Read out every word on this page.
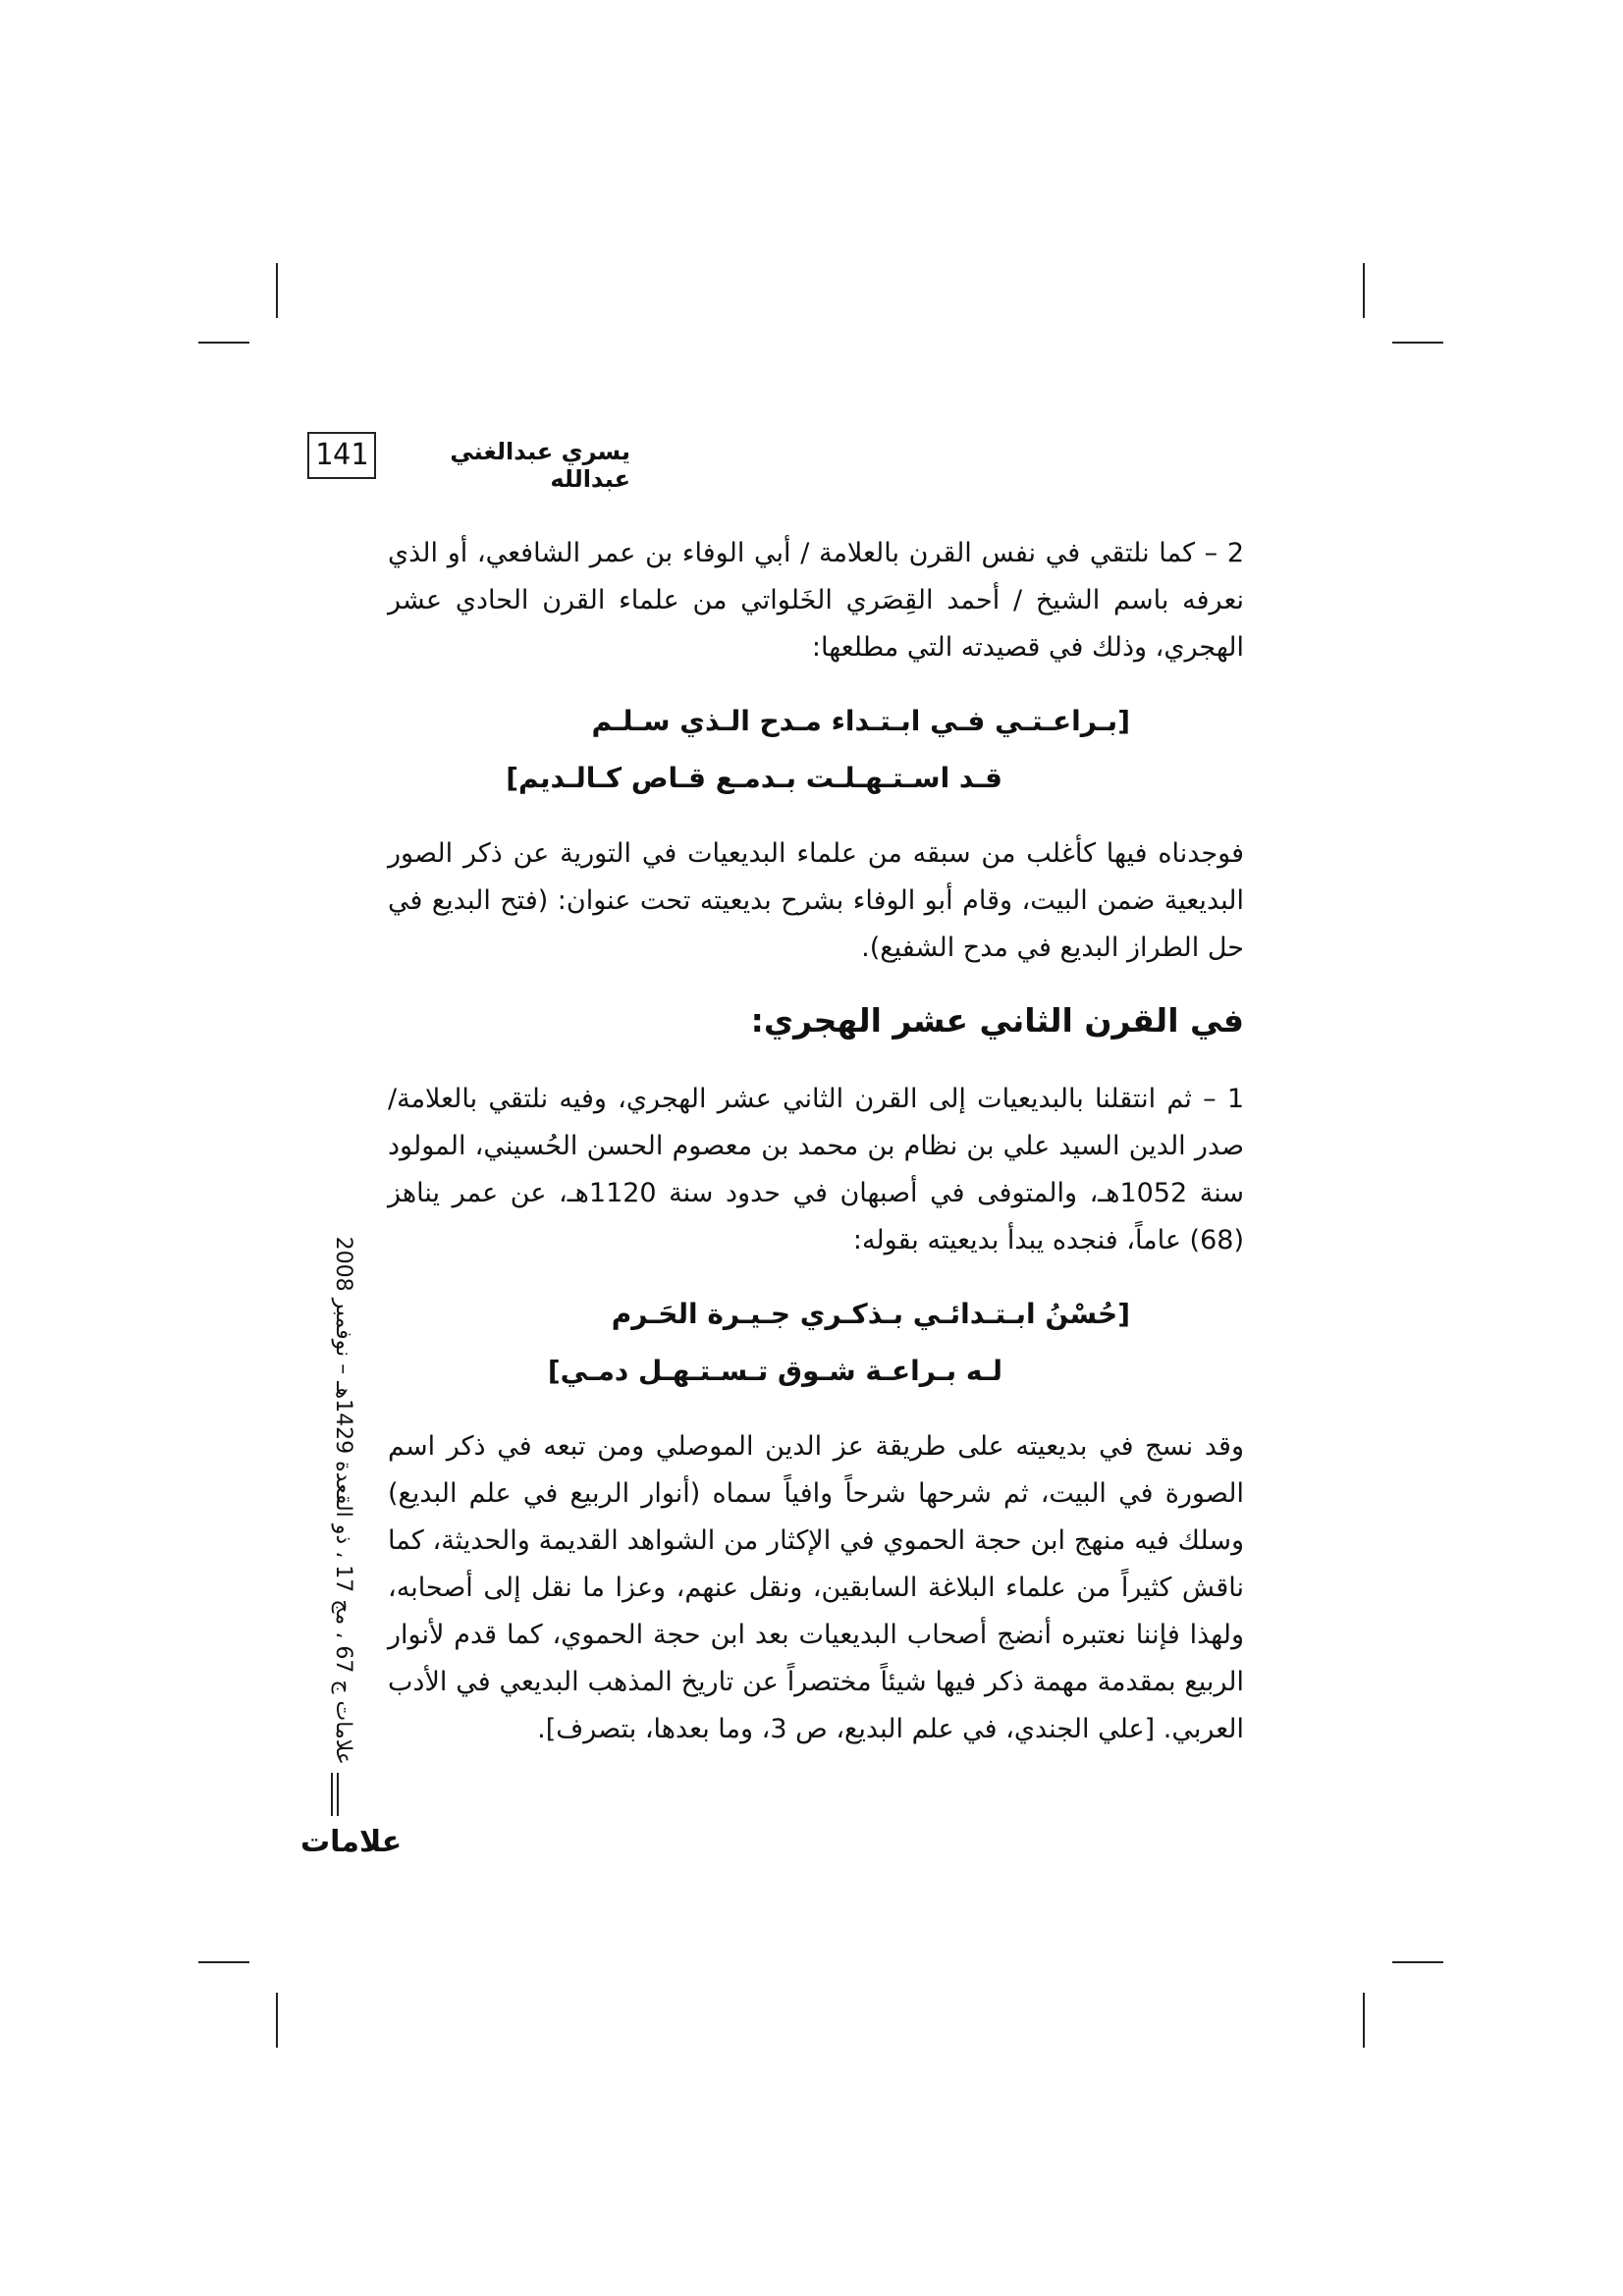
141	يسري عبدالغني عبدالله
علامات ج 67 ، مج 17 ، ذو القعدة 1429هـ – نوفمبر 2008
علامات

2 – كما نلتقي في نفس القرن بالعلامة / أبي الوفاء بن عمر الشافعي، أو الذي نعرفه باسم الشيخ / أحمد القِصَري الخَلواتي من علماء القرن الحادي عشر الهجري، وذلك في قصيدته التي مطلعها:

[بـراعـتـي فـي ابـتـداء مـدح الـذي سـلـم
قـد اسـتـهـلـت بـدمـع قـاص كـالـديم]

فوجدناه فيها كأغلب من سبقه من علماء البديعيات في التورية عن ذكر الصور البديعية ضمن البيت، وقام أبو الوفاء بشرح بديعيته تحت عنوان: (فتح البديع في حل الطراز البديع في مدح الشفيع).

في القرن الثاني عشر الهجري:
1 – ثم انتقلنا بالبديعيات إلى القرن الثاني عشر الهجري، وفيه نلتقي بالعلامة/ صدر الدين السيد علي بن نظام بن محمد بن معصوم الحسن الحُسيني، المولود سنة 1052هـ، والمتوفى في أصبهان في حدود سنة 1120هـ، عن عمر يناهز (68) عاماً، فنجده يبدأ بديعيته بقوله:
[حُسْنُ ابـتـدائـي بـذكـري جـيـرة الحَـرم
لـه بـراعـة شـوق تـسـتـهـل دمـي]

وقد نسج في بديعيته على طريقة عز الدين الموصلي ومن تبعه في ذكر اسم الصورة في البيت، ثم شرحها شرحاً وافياً سماه (أنوار الربيع في علم البديع) وسلك فيه منهج ابن حجة الحموي في الإكثار من الشواهد القديمة والحديثة، كما ناقش كثيراً من علماء البلاغة السابقين، ونقل عنهم، وعزا ما نقل إلى أصحابه، ولهذا فإننا نعتبره أنضج أصحاب البديعيات بعد ابن حجة الحموي، كما قدم لأنوار الربيع بمقدمة مهمة ذكر فيها شيئاً مختصراً عن تاريخ المذهب البديعي في الأدب العربي. [علي الجندي، في علم البديع، ص 3، وما بعدها، بتصرف].
